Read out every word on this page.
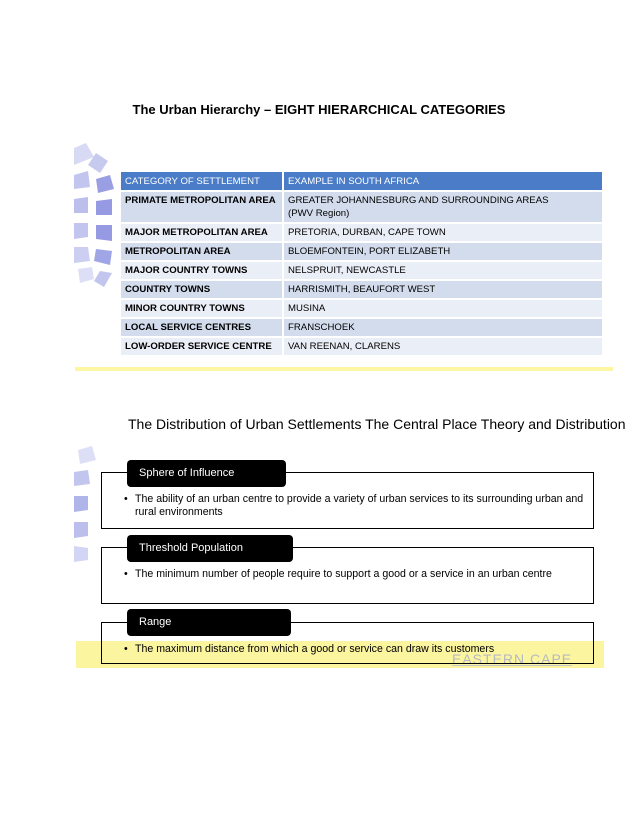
The Urban Hierarchy – EIGHT HIERARCHICAL CATEGORIES
CATEGORY OF SETTLEMENT	EXAMPLE IN SOUTH AFRICA
PRIMATE METROPOLITAN AREA	GREATER JOHANNESBURG AND SURROUNDING AREAS
(PWV Region)

MAJOR METROPOLITAN AREA	PRETORIA, DURBAN, CAPE TOWN
METROPOLITAN AREA	BLOEMFONTEIN, PORT ELIZABETH
MAJOR COUNTRY TOWNS	NELSPRUIT, NEWCASTLE
COUNTRY TOWNS	HARRISMITH, BEAUFORT WEST
MINOR COUNTRY TOWNS	MUSINA
LOCAL SERVICE CENTRES	FRANSCHOEK
LOW-ORDER SERVICE CENTRE	VAN REENAN, CLARENS
The Distribution of Urban Settlements The Central Place Theory and Distribution
EASTERN CAPE
• The ability of an urban centre to provide a variety of urban services to its surrounding urban and rural environments
Sphere of Influence
• The minimum number of people require to support a good or a service in an urban centre
Threshold Population
• The maximum distance from which a good or service can draw its customers
Range
